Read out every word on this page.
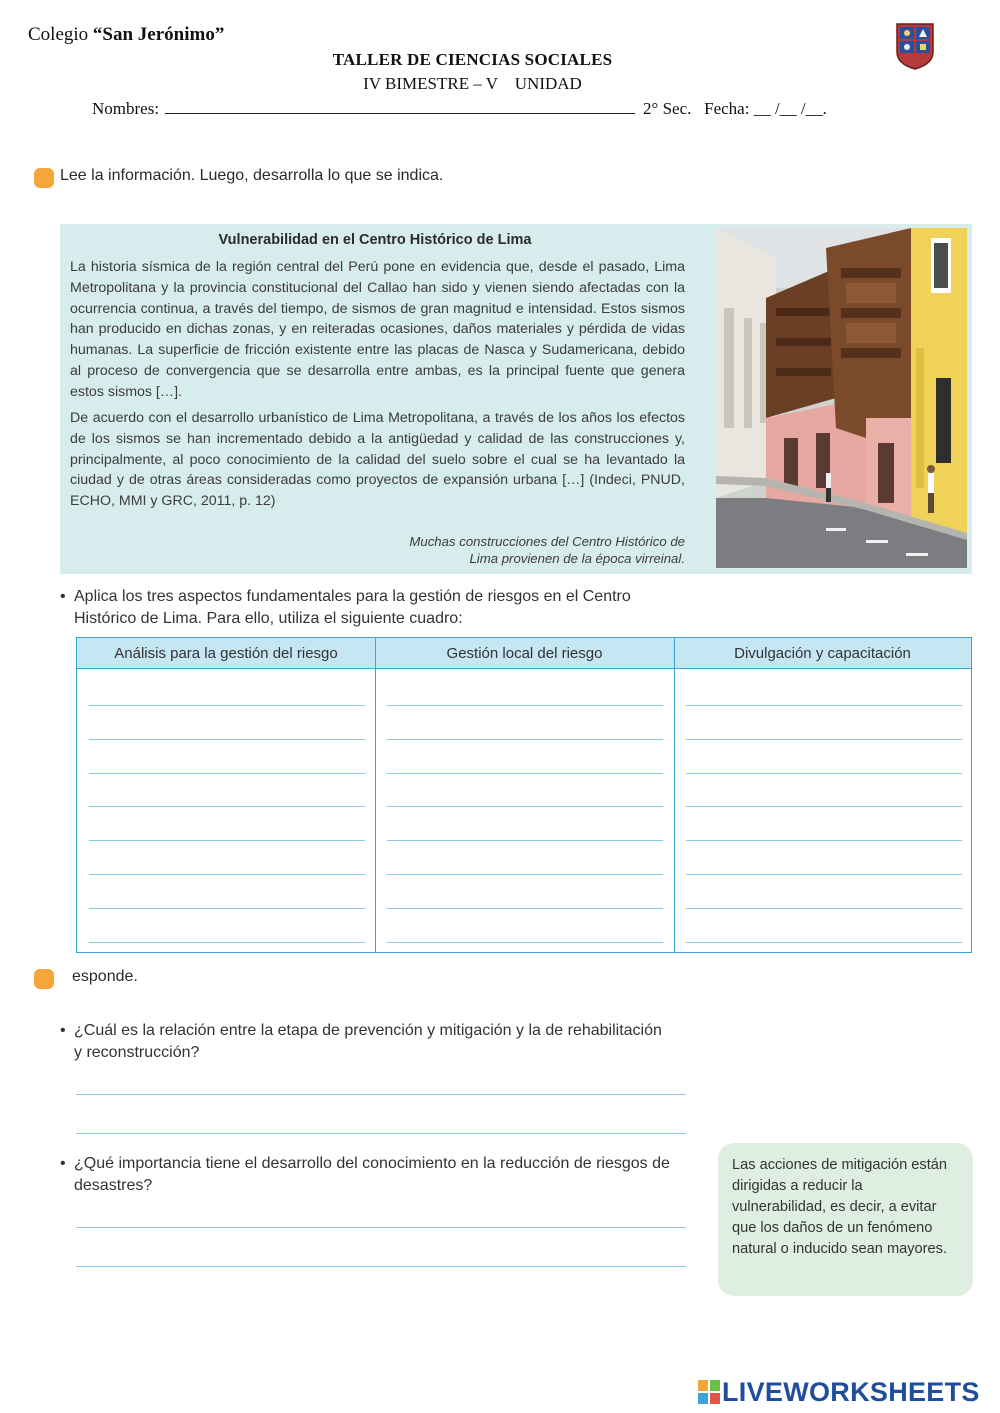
Colegio “San Jerónimo”
TALLER DE CIENCIAS SOCIALES
IV BIMESTRE – V    UNIDAD
Nombres:	2° Sec. Fecha: __ /__ /__.
Lee la información. Luego, desarrolla lo que se indica.
Vulnerabilidad en el Centro Histórico de Lima
La historia sísmica de la región central del Perú pone en evidencia que, desde el pasado, Lima Metropolitana y la provincia constitucional del Callao han sido y vienen siendo afectadas con la ocurrencia continua, a través del tiempo, de sismos de gran magnitud e intensidad. Estos sismos han producido en dichas zonas, y en reiteradas ocasiones, daños materiales y pérdida de vidas humanas. La superficie de fricción existente entre las placas de Nasca y Sudamericana, debido al proceso de convergencia que se desarrolla entre ambas, es la principal fuente que genera estos sismos […].
De acuerdo con el desarrollo urbanístico de Lima Metropolitana, a través de los años los efectos de los sismos se han incrementado debido a la antigüedad y calidad de las construcciones y, principalmente, al poco conocimiento de la calidad del suelo sobre el cual se ha levantado la ciudad y de otras áreas consideradas como proyectos de expansión urbana […] (Indeci, PNUD, ECHO, MMI y GRC, 2011, p. 12)
Muchas construcciones del Centro Histórico de
Lima provienen de la época virreinal.
• Aplica los tres aspectos fundamentales para la gestión de riesgos en el Centro
Histórico de Lima. Para ello, utiliza el siguiente cuadro:
Análisis para la gestión del riesgo	Gestión local del riesgo	Divulgación y capacitación
esponde.
• ¿Cuál es la relación entre la etapa de prevención y mitigación y la de rehabilitación
y reconstrucción?
• ¿Qué importancia tiene el desarrollo del conocimiento en la reducción de riesgos de
desastres?
Las acciones de mitigación están dirigidas a reducir la vulnerabilidad, es decir, a evitar que los daños de un fenómeno natural o inducido sean mayores.
LIVEWORKSHEETS
